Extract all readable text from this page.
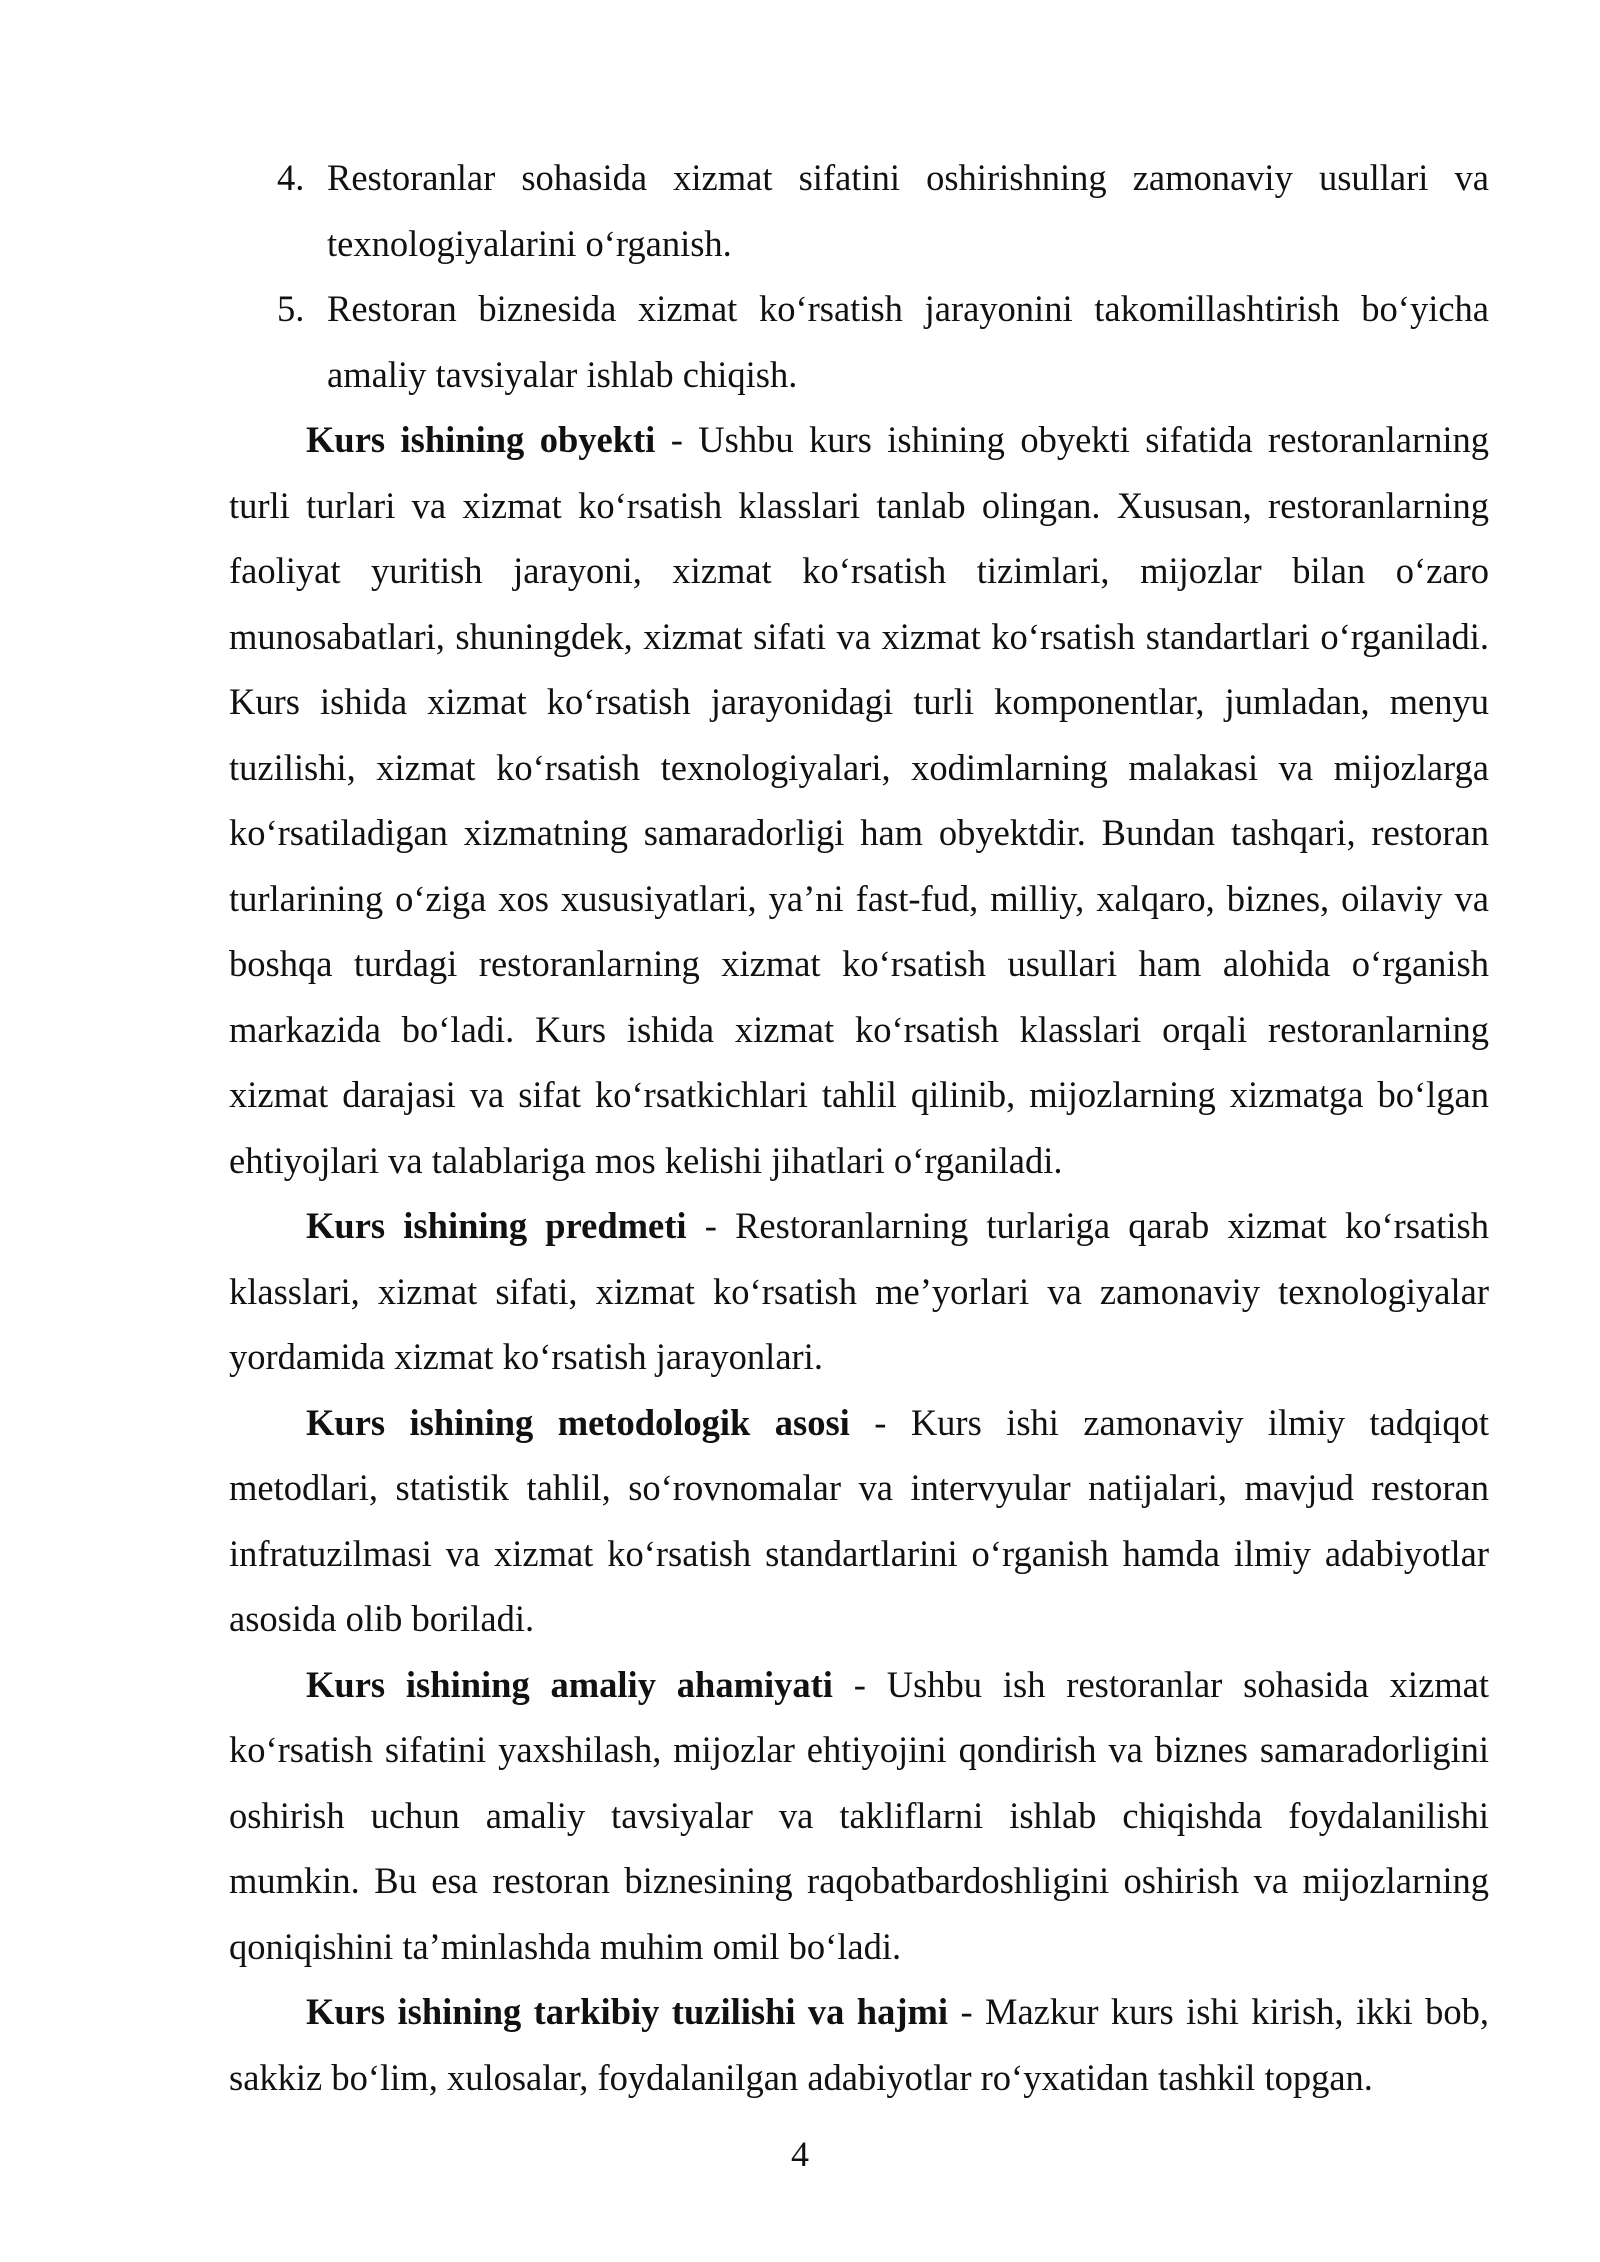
4. Restoranlar sohasida xizmat sifatini oshirishning zamonaviy usullari va texnologiyalarini o‘rganish.
5. Restoran biznesida xizmat ko‘rsatish jarayonini takomillashtirish bo‘yicha amaliy tavsiyalar ishlab chiqish.

Kurs ishining obyekti - Ushbu kurs ishining obyekti sifatida restoranlarning turli turlari va xizmat ko‘rsatish klasslari tanlab olingan. Xususan, restoranlarning faoliyat yuritish jarayoni, xizmat ko‘rsatish tizimlari, mijozlar bilan o‘zaro munosabatlari, shuningdek, xizmat sifati va xizmat ko‘rsatish standartlari o‘rganiladi. Kurs ishida xizmat ko‘rsatish jarayonidagi turli komponentlar, jumladan, menyu tuzilishi, xizmat ko‘rsatish texnologiyalari, xodimlarning malakasi va mijozlarga ko‘rsatiladigan xizmatning samaradorligi ham obyektdir. Bundan tashqari, restoran turlarining o‘ziga xos xususiyatlari, ya’ni fast-fud, milliy, xalqaro, biznes, oilaviy va boshqa turdagi restoranlarning xizmat ko‘rsatish usullari ham alohida o‘rganish markazida bo‘ladi. Kurs ishida xizmat ko‘rsatish klasslari orqali restoranlarning xizmat darajasi va sifat ko‘rsatkichlari tahlil qilinib, mijozlarning xizmatga bo‘lgan ehtiyojlari va talablariga mos kelishi jihatlari o‘rganiladi.

Kurs ishining predmeti - Restoranlarning turlariga qarab xizmat ko‘rsatish klasslari, xizmat sifati, xizmat ko‘rsatish me’yorlari va zamonaviy texnologiyalar yordamida xizmat ko‘rsatish jarayonlari.

Kurs ishining metodologik asosi - Kurs ishi zamonaviy ilmiy tadqiqot metodlari, statistik tahlil, so‘rovnomalar va intervyular natijalari, mavjud restoran infratuzilmasi va xizmat ko‘rsatish standartlarini o‘rganish hamda ilmiy adabiyotlar asosida olib boriladi.

Kurs ishining amaliy ahamiyati - Ushbu ish restoranlar sohasida xizmat ko‘rsatish sifatini yaxshilash, mijozlar ehtiyojini qondirish va biznes samaradorligini oshirish uchun amaliy tavsiyalar va takliflarni ishlab chiqishda foydalanilishi mumkin. Bu esa restoran biznesining raqobatbardoshligini oshirish va mijozlarning qoniqishini ta’minlashda muhim omil bo‘ladi.

Kurs ishining tarkibiy tuzilishi va hajmi - Mazkur kurs ishi kirish, ikki bob, sakkiz bo‘lim, xulosalar, foydalanilgan adabiyotlar ro‘yxatidan tashkil topgan.

4
